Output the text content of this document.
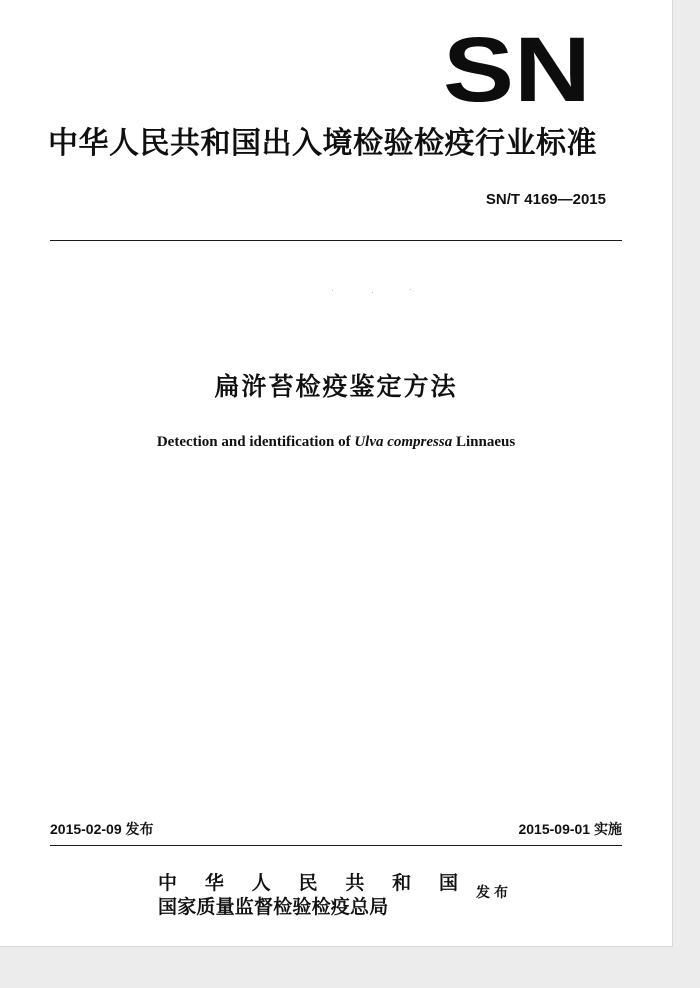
SN
中华人民共和国出入境检验检疫行业标准
SN/T 4169—2015
扁浒苔检疫鉴定方法
Detection and identification of Ulva compressa Linnaeus
2015-02-09 发布	2015-09-01 实施
中 华 人 民 共 和 国
国家质量监督检验检疫总局
发布
